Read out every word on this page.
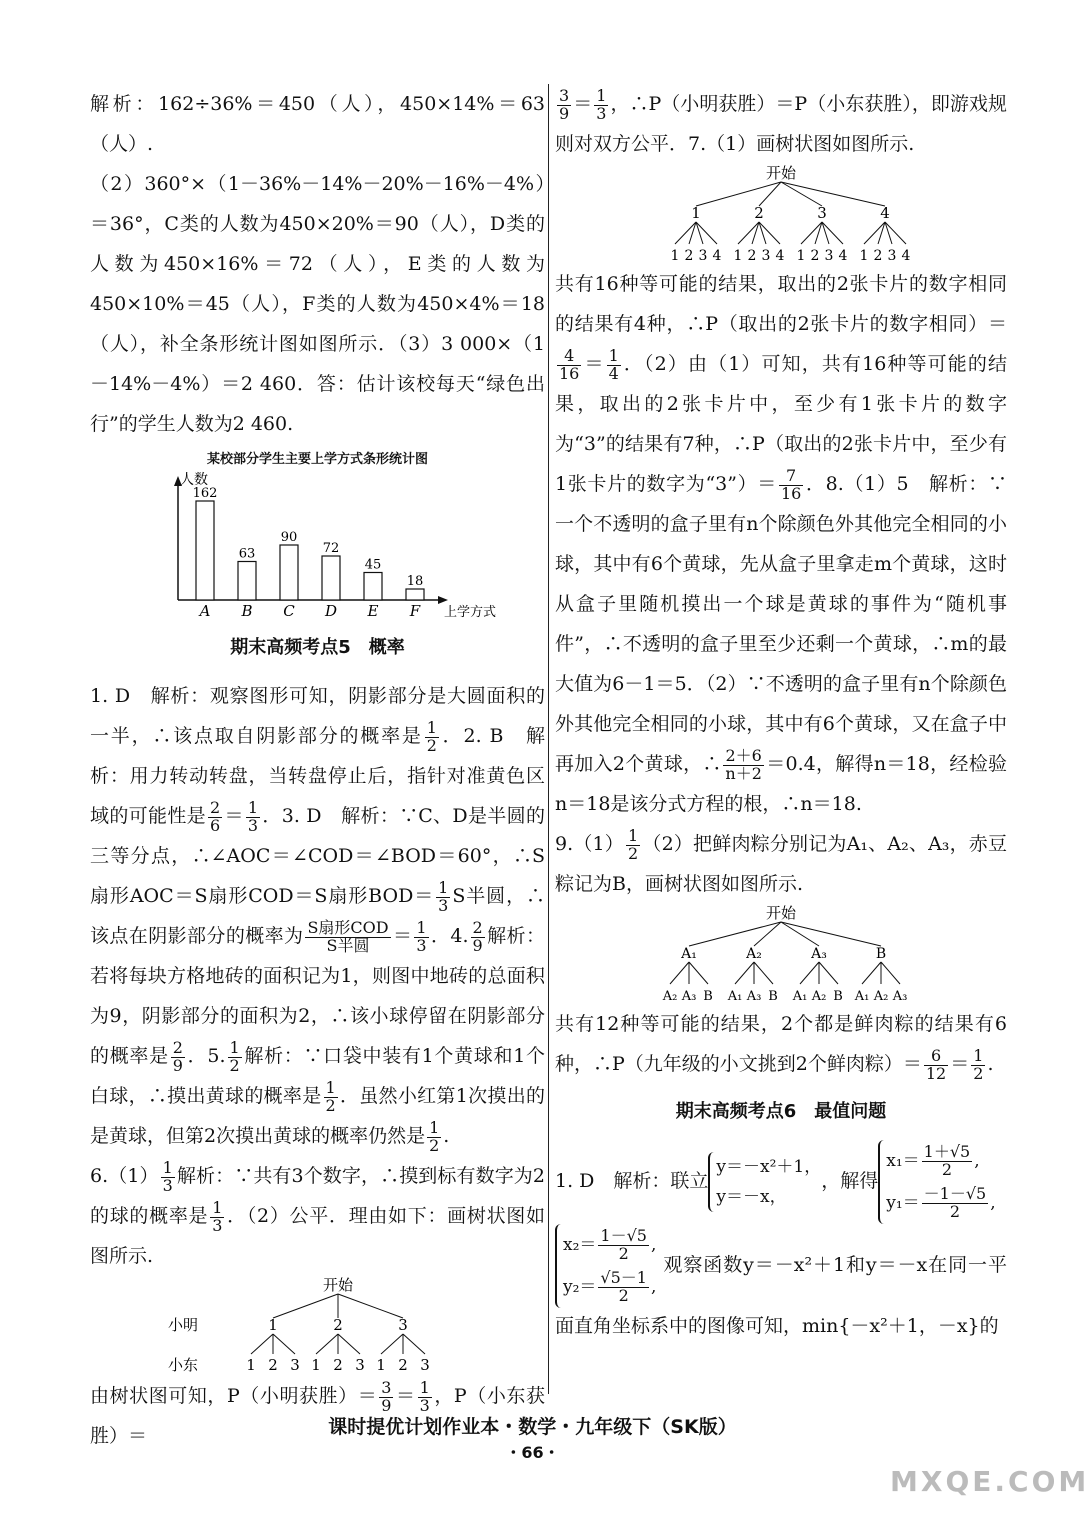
解析：162÷36%＝450（人），450×14%＝63（人）.

（2）360°×（1－36%－14%－20%－16%－4%）＝36°，C类的人数为450×20%＝90（人），D类的人数为450×16%＝72（人），E类的人数为450×10%＝45（人），F类的人数为450×4%＝18（人），补全条形统计图如图所示．（3）3 000×（1－14%－4%）＝2 460．答：估计该校每天“绿色出行”的学生人数为2 460.

某校部分学生主要上学方式条形统计图
人数
上学方式
162
A
63
B
90
C
72
D
45
E
18
F
期末高频考点5　概率

1. D　解析：观察图形可知，阴影部分是大圆面积的一半，∴该点取自阴影部分的概率是 $\frac{1}{2}$ ．2. B　解析：用力转动转盘，当转盘停止后，指针对准黄色区域的可能性是 $\frac{2}{6} = \frac{1}{3}$ ．3. D　解析：∵C、D是半圆的三等分点，∴∠AOC＝∠COD＝∠BOD＝60°，∴S扇形AOC＝S扇形COD＝S扇形$BOD= \frac{1}{3}$ S半圆，∴该点在阴影部分的概率为 $\frac{\text{S扇形COD}}{\text{S半圆}} = \frac{1}{3}$ ．4. $\frac{2}{9}$ 解析：若将每块方格地砖的面积记为1，则图中地砖的总面积为9，阴影部分的面积为2，∴该小球停留在阴影部分的概率是 $\frac{2}{9}$ ．5. $\frac{1}{2}$ 解析：∵口袋中装有1个黄球和1个白球，∴摸出黄球的概率是 $\frac{1}{2}$ ．虽然小红第1次摸出的是黄球，但第2次摸出黄球的概率仍然是 $\frac{1}{2}$ .

$6.(1) \frac{1}{3}$ 解析：∵共有3个数字，∴摸到标有数字为2的球的概率是 $\frac{1}{3}$ ．（2）公平．理由如下：画树状图如图所示.

开始
小明
小东
1
1 2 3
2
1 2 3
3
1 2 3

由树状图可知，P（小明获胜）＝ $\frac{3}{9} = \frac{1}{3}$ ，P（小东获胜）＝

$\frac{3}{9} = \frac{1}{3}$ ，∴P（小明获胜）＝P（小东获胜），即游戏规则对双方公平．7.（1）画树状图如图所示.

开始
1
1 2 3 4
2
1 2 3 4
3
1 2 3 4
4
1 2 3 4

共有16种等可能的结果，取出的2张卡片的数字相同的结果有4种，∴P（取出的2张卡片的数字相同）＝
$\frac{4}{16} = \frac{1}{4}$ ．（2）由（1）可知，共有16种等可能的结果，取出的2张卡片中，至少有1张卡片的数字为“3”的结果有7种，∴P（取出的2张卡片中，至少有1张卡片的数字为“3”）＝ $\frac{7}{16}$ ．8.（1）5　解析：∵一个不透明的盒子里有n个除颜色外其他完全相同的小球，其中有6个黄球，先从盒子里拿走m个黄球，这时从盒子里随机摸出一个球是黄球的事件为“随机事件”，∴不透明的盒子里至少还剩一个黄球，∴m的最大值为6－1＝5．（2）∵不透明的盒子里有n个除颜色外其他完全相同的小球，其中有6个黄球，又在盒子中再加入2个黄球，∴ $\frac{2+6}{n+2} =0.4$，解得n＝18，经检验n＝18是该分式方程的根，∴n＝18.

$9.(1) \frac{1}{2} (2)$把鲜肉粽分别记为A₁、A₂、A₃，赤豆粽记为B，画树状图如图所示.

开始
A₁
A₂ A₃ B
A₂
A₁ A₃ B
A₃
A₁ A₂ B
B
A₁ A₂ A₃

共有12种等可能的结果，2个都是鲜肉粽的结果有6种，∴P（九年级的小文挑到2个鲜肉粽）＝ $\frac{6}{12} = \frac{1}{2}$ .

期末高频考点6　最值问题

1. D　解析：联立y＝－x²＋1，
y＝－x，，解得$x_1= \frac{1+√5}{2}$ ,
$y_1= \frac{-1-√5}{2}$ ,

$x_2= \frac{1-√5}{2}$ ,
$y_2= \frac{√5-1}{2}$ , 观察函数y＝－x²＋1和y＝－x在同一平面直角坐标系中的图像可知，min{－x²＋1，－x}的

课时提优计划作业本・数学・九年级下（SK版）
・66・
MXQE.COM
